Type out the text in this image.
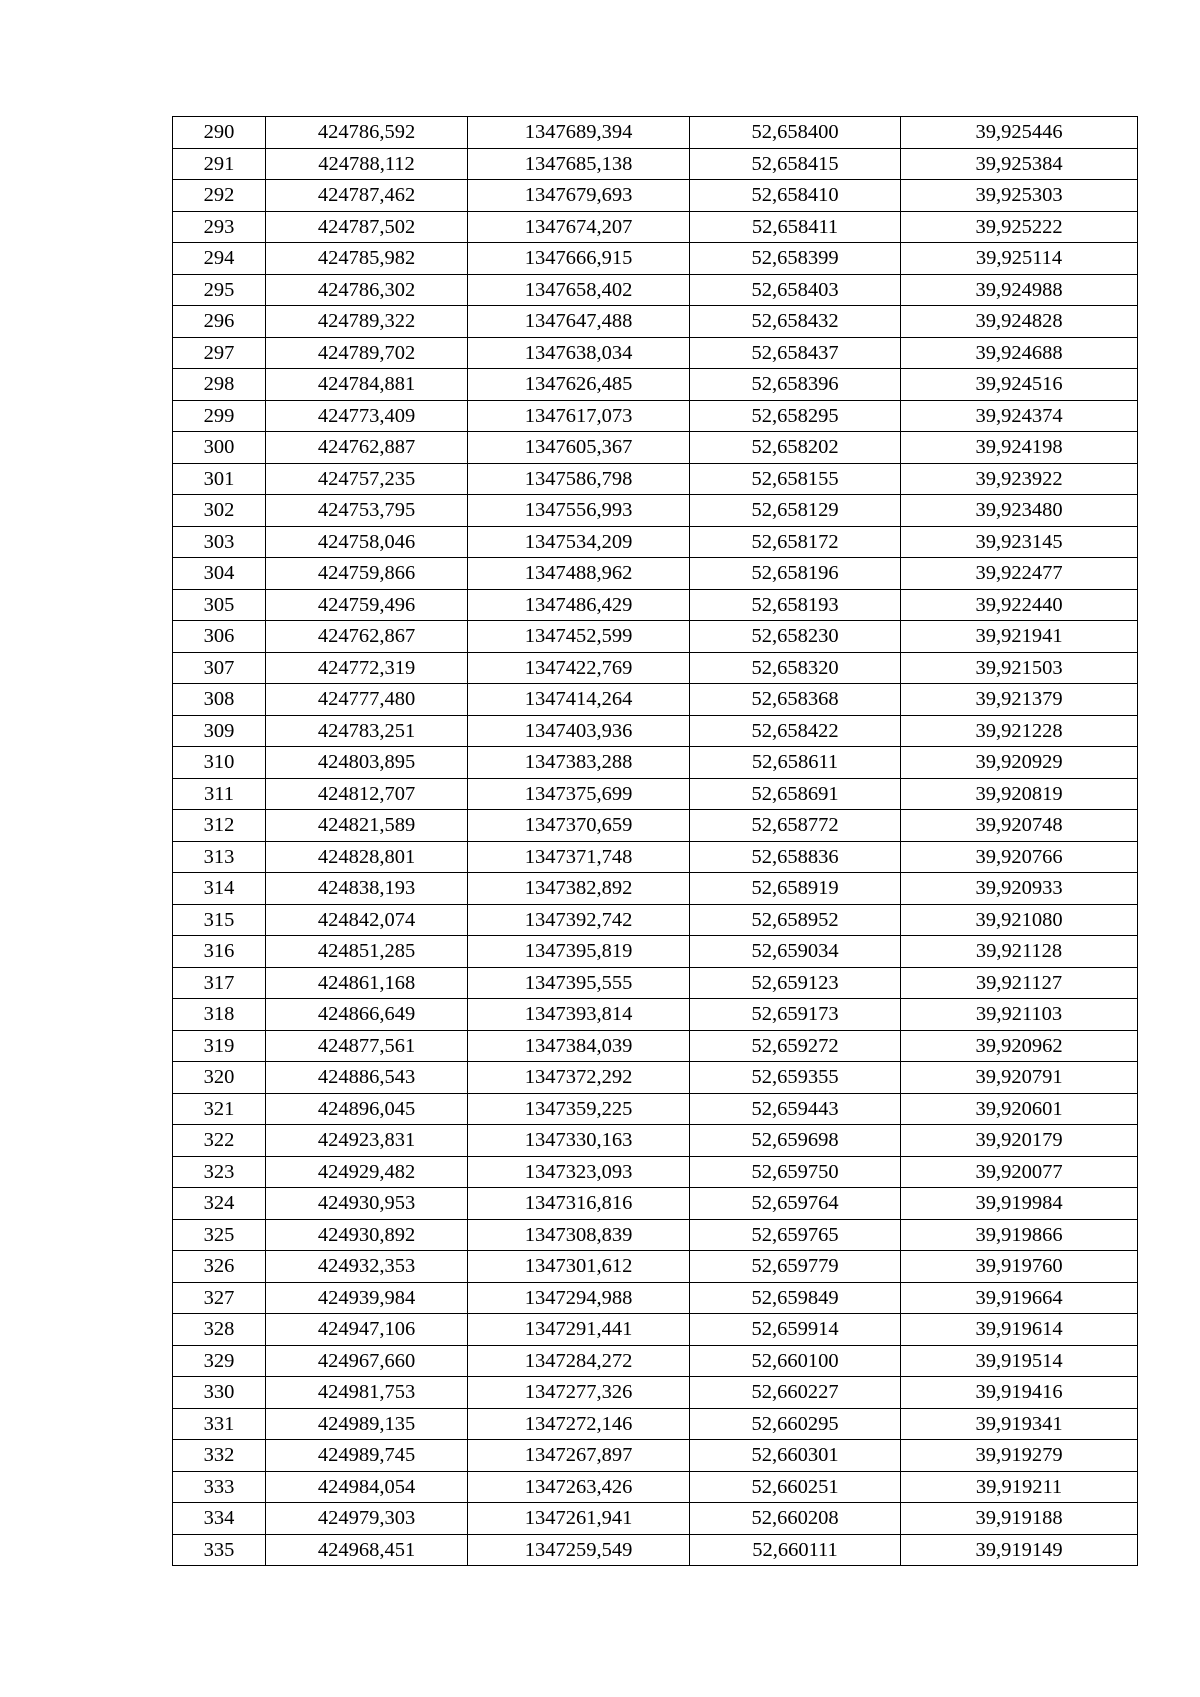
290	424786,592	1347689,394	52,658400	39,925446
291	424788,112	1347685,138	52,658415	39,925384
292	424787,462	1347679,693	52,658410	39,925303
293	424787,502	1347674,207	52,658411	39,925222
294	424785,982	1347666,915	52,658399	39,925114
295	424786,302	1347658,402	52,658403	39,924988
296	424789,322	1347647,488	52,658432	39,924828
297	424789,702	1347638,034	52,658437	39,924688
298	424784,881	1347626,485	52,658396	39,924516
299	424773,409	1347617,073	52,658295	39,924374
300	424762,887	1347605,367	52,658202	39,924198
301	424757,235	1347586,798	52,658155	39,923922
302	424753,795	1347556,993	52,658129	39,923480
303	424758,046	1347534,209	52,658172	39,923145
304	424759,866	1347488,962	52,658196	39,922477
305	424759,496	1347486,429	52,658193	39,922440
306	424762,867	1347452,599	52,658230	39,921941
307	424772,319	1347422,769	52,658320	39,921503
308	424777,480	1347414,264	52,658368	39,921379
309	424783,251	1347403,936	52,658422	39,921228
310	424803,895	1347383,288	52,658611	39,920929
311	424812,707	1347375,699	52,658691	39,920819
312	424821,589	1347370,659	52,658772	39,920748
313	424828,801	1347371,748	52,658836	39,920766
314	424838,193	1347382,892	52,658919	39,920933
315	424842,074	1347392,742	52,658952	39,921080
316	424851,285	1347395,819	52,659034	39,921128
317	424861,168	1347395,555	52,659123	39,921127
318	424866,649	1347393,814	52,659173	39,921103
319	424877,561	1347384,039	52,659272	39,920962
320	424886,543	1347372,292	52,659355	39,920791
321	424896,045	1347359,225	52,659443	39,920601
322	424923,831	1347330,163	52,659698	39,920179
323	424929,482	1347323,093	52,659750	39,920077
324	424930,953	1347316,816	52,659764	39,919984
325	424930,892	1347308,839	52,659765	39,919866
326	424932,353	1347301,612	52,659779	39,919760
327	424939,984	1347294,988	52,659849	39,919664
328	424947,106	1347291,441	52,659914	39,919614
329	424967,660	1347284,272	52,660100	39,919514
330	424981,753	1347277,326	52,660227	39,919416
331	424989,135	1347272,146	52,660295	39,919341
332	424989,745	1347267,897	52,660301	39,919279
333	424984,054	1347263,426	52,660251	39,919211
334	424979,303	1347261,941	52,660208	39,919188
335	424968,451	1347259,549	52,660111	39,919149
